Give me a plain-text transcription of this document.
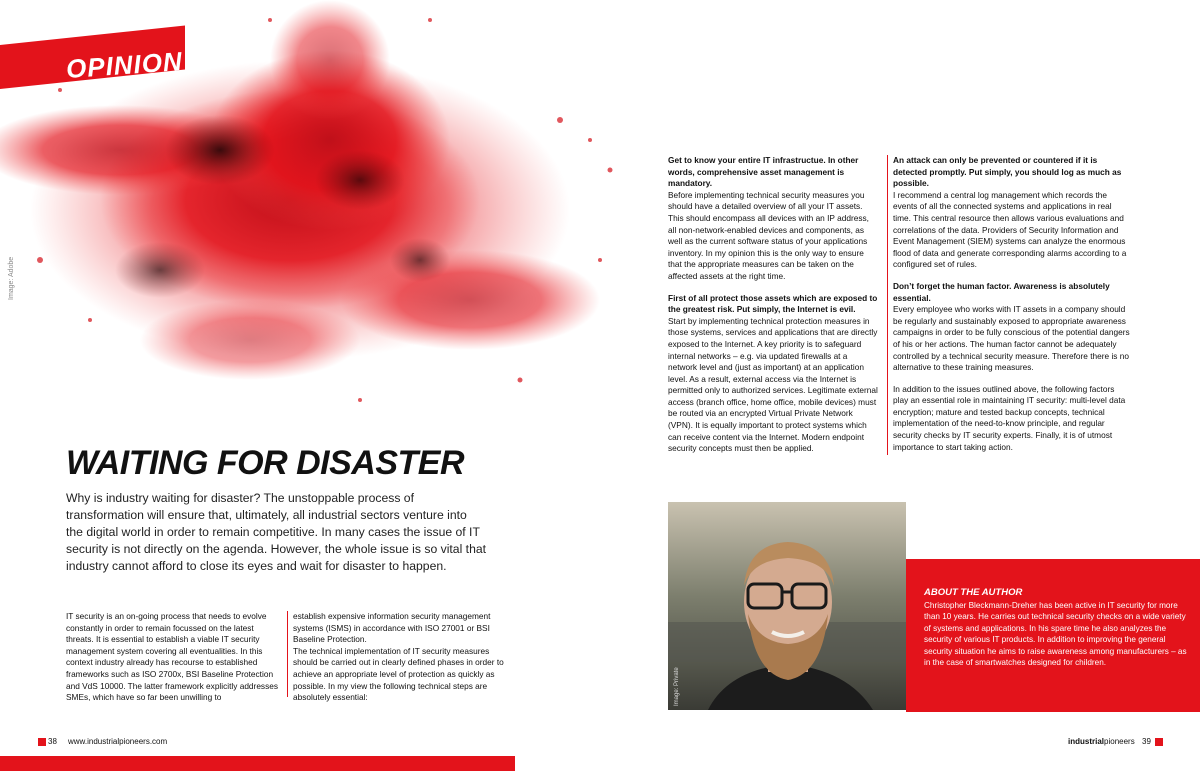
OPINION
Image: Adobe
WAITING FOR DISASTER
Why is industry waiting for disaster? The unstoppable process of transformation will ensure that, ultimately, all industrial sectors venture into the digital world in order to remain competitive. In many cases the issue of IT security is not directly on the agenda. However, the whole issue is so vital that industry cannot afford to close its eyes and wait for disaster to happen.

IT security is an on-going process that needs to evolve constantly in order to remain focussed on the latest threats. It is essential to establish a viable IT security management system covering all eventualities. In this context industry already has recourse to established frameworks such as ISO 2700x, BSI Baseline Protection and VdS 10000. The latter framework explicitly addresses SMEs, which have so far been unwilling to

establish expensive information security management systems (ISMS) in accordance with ISO 27001 or BSI Baseline Protection.

The technical implementation of IT security measures should be carried out in clearly defined phases in order to achieve an appropriate level of protection as quickly as possible. In my view the following technical steps are absolutely essential:

Get to know your entire IT infrastructue. In other words, comprehensive asset management is mandatory.

Before implementing technical security measures you should have a detailed overview of all your IT assets. This should encompass all devices with an IP address, all non-network-enabled devices and components, as well as the current software status of your applications inventory. In my opinion this is the only way to ensure that the appropriate measures can be taken on the affected assets at the right time.

First of all protect those assets which are exposed to the greatest risk. Put simply, the Internet is evil.

Start by implementing technical protection measures in those systems, services and applications that are directly exposed to the Internet. A key priority is to safeguard internal networks – e.g. via updated firewalls at a network level and (just as important) at an application level. As a result, external access via the Internet is permitted only to authorized services. Legitimate external access (branch office, home office, mobile devices) must be routed via an encrypted Virtual Private Network (VPN). It is equally important to protect systems which can receive content via the Internet. Modern endpoint security concepts must then be applied.

An attack can only be prevented or countered if it is detected promptly. Put simply, you should log as much as possible.

I recommend a central log management which records the events of all the connected systems and applications in real time. This central resource then allows various evaluations and correlations of the data. Providers of Security Information and Event Management (SIEM) systems can analyze the enormous flood of data and generate corresponding alarms according to a configured set of rules.

Don’t forget the human factor. Awareness is absolutely essential.

Every employee who works with IT assets in a company should be regularly and sustainably exposed to appropriate awareness campaigns in order to be fully conscious of the potential dangers of his or her actions. The human factor cannot be adequately controlled by a technical security measure. Therefore there is no alternative to these training measures.

In addition to the issues outlined above, the following factors play an essential role in maintaining IT security: multi-level data encryption; mature and tested backup concepts, technical implementation of the need-to-know principle, and regular security checks by IT security experts. Finally, it is of utmost importance to start taking action.

Image: Private
ABOUT THE AUTHOR
Christopher Bleckmann-Dreher has been active in IT security for more than 10 years. He carries out technical security checks on a wide variety of systems and applications. In his spare time he also analyzes the security of various IT products. In addition to improving the general security situation he aims to raise awareness among manufacturers – as in the case of smartwatches designed for children.
38 www.industrialpioneers.com	industrialpioneers 39
